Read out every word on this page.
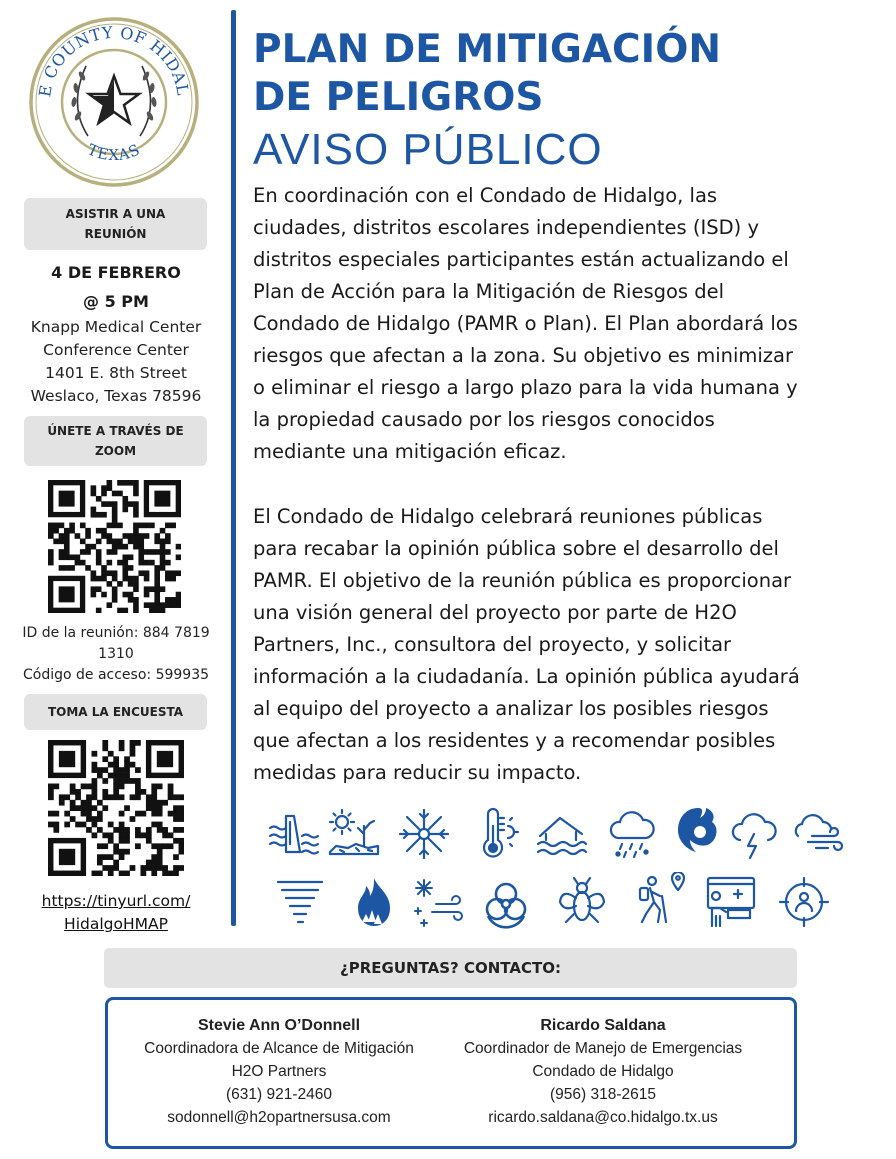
E COUNTY OF HIDAL
TEXAS
ASISTIR A UNA REUNIÓN
4 DE FEBRERO
@ 5 PM
Knapp Medical Center
Conference Center
1401 E. 8th Street
Weslaco, Texas 78596
ÚNETE A TRAVÉS DE ZOOM
ID de la reunión: 884 7819
1310
Código de acceso: 599935
TOMA LA ENCUESTA
https://tinyurl.com/
HidalgoHMAP
PLAN DE MITIGACIÓN
DE PELIGROS
AVISO PÚBLICO
En coordinación con el Condado de Hidalgo, las
ciudades, distritos escolares independientes (ISD) y
distritos especiales participantes están actualizando el
Plan de Acción para la Mitigación de Riesgos del
Condado de Hidalgo (PAMR o Plan). El Plan abordará los
riesgos que afectan a la zona. Su objetivo es minimizar
o eliminar el riesgo a largo plazo para la vida humana y
la propiedad causado por los riesgos conocidos
mediante una mitigación eficaz.
El Condado de Hidalgo celebrará reuniones públicas
para recabar la opinión pública sobre el desarrollo del
PAMR. El objetivo de la reunión pública es proporcionar
una visión general del proyecto por parte de H2O
Partners, Inc., consultora del proyecto, y solicitar
información a la ciudadanía. La opinión pública ayudará
al equipo del proyecto a analizar los posibles riesgos
que afectan a los residentes y a recomendar posibles
medidas para reducir su impacto.
¿PREGUNTAS? CONTACTO:
Stevie Ann O’Donnell
Coordinadora de Alcance de Mitigación
H2O Partners
(631) 921-2460
sodonnell@h2opartnersusa.com
Ricardo Saldana
Coordinador de Manejo de Emergencias
Condado de Hidalgo
(956) 318-2615
ricardo.saldana@co.hidalgo.tx.us
